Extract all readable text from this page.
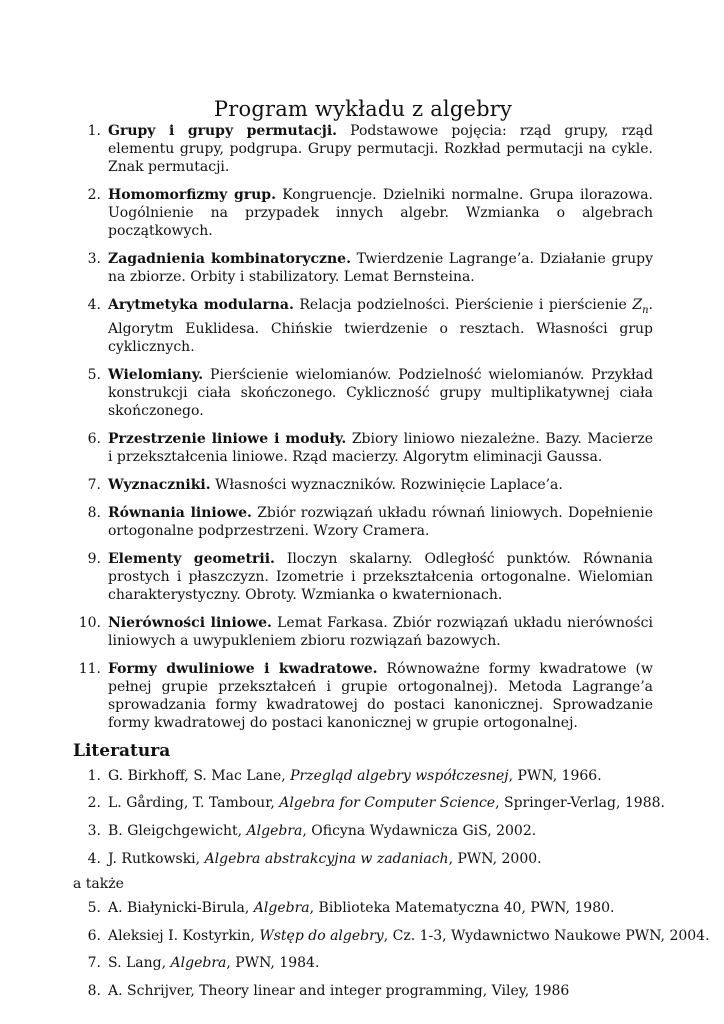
Program wykładu z algebry
1. Grupy i grupy permutacji. Podstawowe pojęcia: rząd grupy, rząd elementu grupy, podgrupa. Grupy permutacji. Rozkład permutacji na cykle. Znak permutacji.
2. Homomorfizmy grup. Kongruencje. Dzielniki normalne. Grupa ilorazowa. Uogólnienie na przypadek innych algebr. Wzmianka o algebrach początkowych.
3. Zagadnienia kombinatoryczne. Twierdzenie Lagrange’a. Działanie grupy na zbiorze. Orbity i stabilizatory. Lemat Bernsteina.
4. Arytmetyka modularna. Relacja podzielności. Pierścienie i pierścienie $Z_n$. Algorytm Euklidesa. Chińskie twierdzenie o resztach. Własności grup cyklicznych.
5. Wielomiany. Pierścienie wielomianów. Podzielność wielomianów. Przykład konstrukcji ciała skończonego. Cykliczność grupy multiplikatywnej ciała skończonego.
6. Przestrzenie liniowe i moduły. Zbiory liniowo niezależne. Bazy. Macierze i przekształcenia liniowe. Rząd macierzy. Algorytm eliminacji Gaussa.
7. Wyznaczniki. Własności wyznaczników. Rozwinięcie Laplace’a.
8. Równania liniowe. Zbiór rozwiązań układu równań liniowych. Dopełnienie ortogonalne podprzestrzeni. Wzory Cramera.
9. Elementy geometrii. Iloczyn skalarny. Odległość punktów. Równania prostych i płaszczyzn. Izometrie i przekształcenia ortogonalne. Wielomian charakterystyczny. Obroty. Wzmianka o kwaternionach.
10. Nierówności liniowe. Lemat Farkasa. Zbiór rozwiązań układu nierówności liniowych a uwypukleniem zbioru rozwiązań bazowych.
11. Formy dwuliniowe i kwadratowe. Równoważne formy kwadratowe (w pełnej grupie przekształceń i grupie ortogonalnej). Metoda Lagrange’a sprowadzania formy kwadratowej do postaci kanonicznej. Sprowadzanie formy kwadratowej do postaci kanonicznej w grupie ortogonalnej.
Literatura
1. G. Birkhoff, S. Mac Lane, Przegląd algebry współczesnej, PWN, 1966.
2. L. Gårding, T. Tambour, Algebra for Computer Science, Springer-Verlag, 1988.
3. B. Gleigchgewicht, Algebra, Oficyna Wydawnicza GiS, 2002.
4. J. Rutkowski, Algebra abstrakcyjna w zadaniach, PWN, 2000.
a także
5. A. Białynicki-Birula, Algebra, Biblioteka Matematyczna 40, PWN, 1980.
6. Aleksiej I. Kostyrkin, Wstęp do algebry, Cz. 1-3, Wydawnictwo Naukowe PWN, 2004.
7. S. Lang, Algebra, PWN, 1984.
8. A. Schrijver, Theory linear and integer programming, Viley, 1986
